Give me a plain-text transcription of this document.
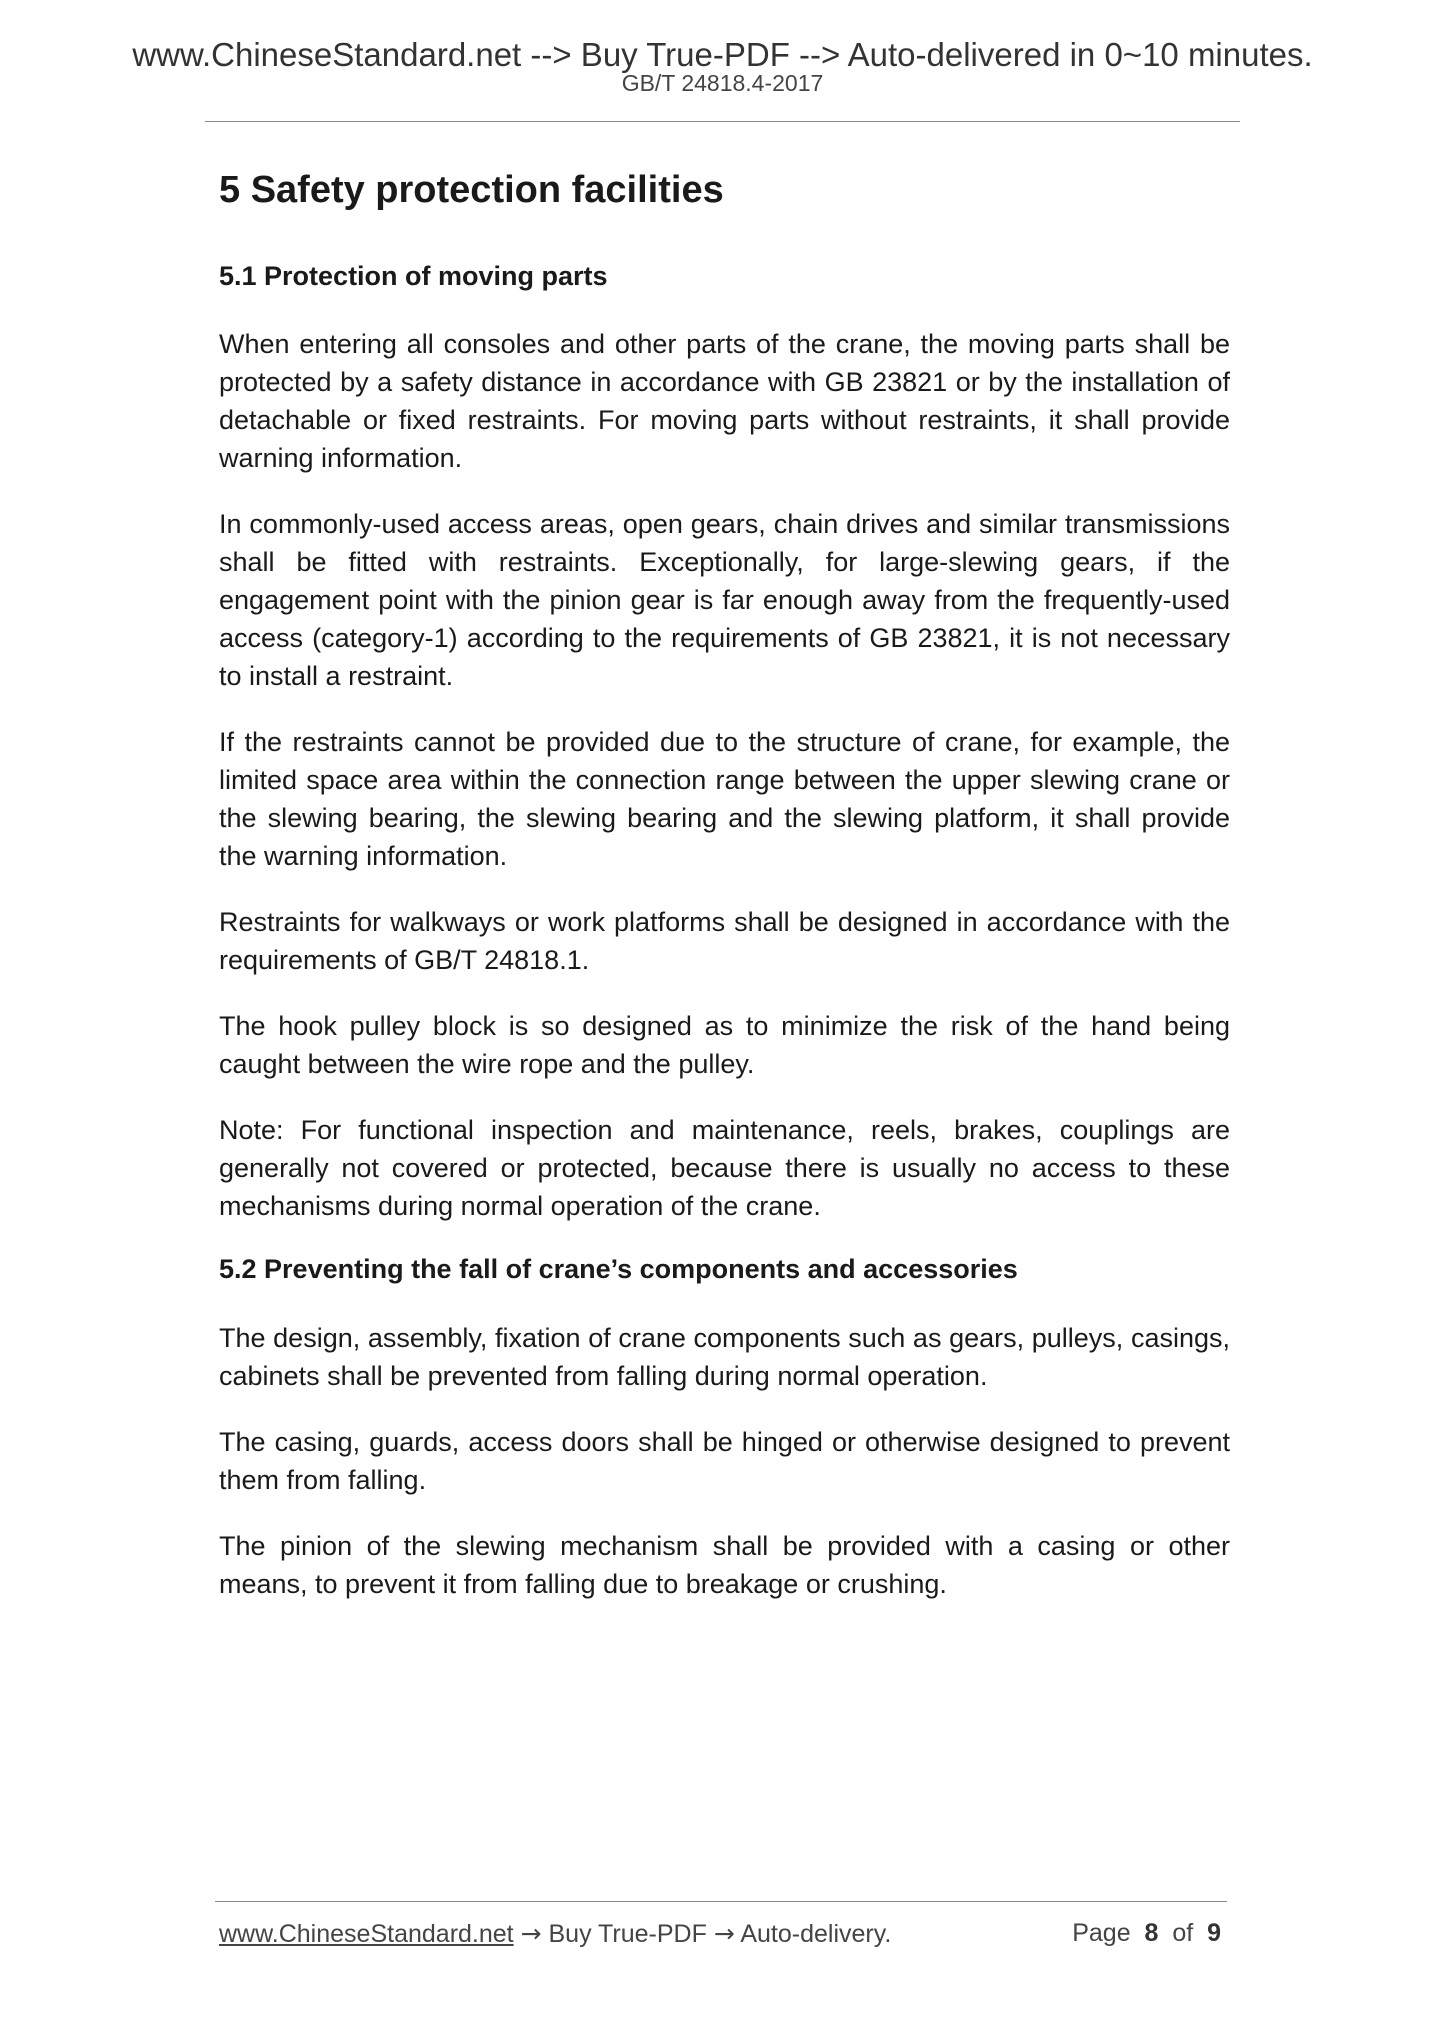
www.ChineseStandard.net --> Buy True-PDF --> Auto-delivered in 0~10 minutes.
GB/T 24818.4-2017
5 Safety protection facilities
5.1 Protection of moving parts

When entering all consoles and other parts of the crane, the moving parts shall be protected by a safety distance in accordance with GB 23821 or by the installation of detachable or fixed restraints. For moving parts without restraints, it shall provide warning information.

In commonly-used access areas, open gears, chain drives and similar transmissions shall be fitted with restraints. Exceptionally, for large-slewing gears, if the engagement point with the pinion gear is far enough away from the frequently-used access (category-1) according to the requirements of GB 23821, it is not necessary to install a restraint.

If the restraints cannot be provided due to the structure of crane, for example, the limited space area within the connection range between the upper slewing crane or the slewing bearing, the slewing bearing and the slewing platform, it shall provide the warning information.

Restraints for walkways or work platforms shall be designed in accordance with the requirements of GB/T 24818.1.

The hook pulley block is so designed as to minimize the risk of the hand being caught between the wire rope and the pulley.

Note: For functional inspection and maintenance, reels, brakes, couplings are generally not covered or protected, because there is usually no access to these mechanisms during normal operation of the crane.

5.2 Preventing the fall of crane’s components and accessories

The design, assembly, fixation of crane components such as gears, pulleys, casings, cabinets shall be prevented from falling during normal operation.

The casing, guards, access doors shall be hinged or otherwise designed to prevent them from falling.

The pinion of the slewing mechanism shall be provided with a casing or other means, to prevent it from falling due to breakage or crushing.

www.ChineseStandard.net → Buy True-PDF → Auto-delivery.	Page 8 of 9
